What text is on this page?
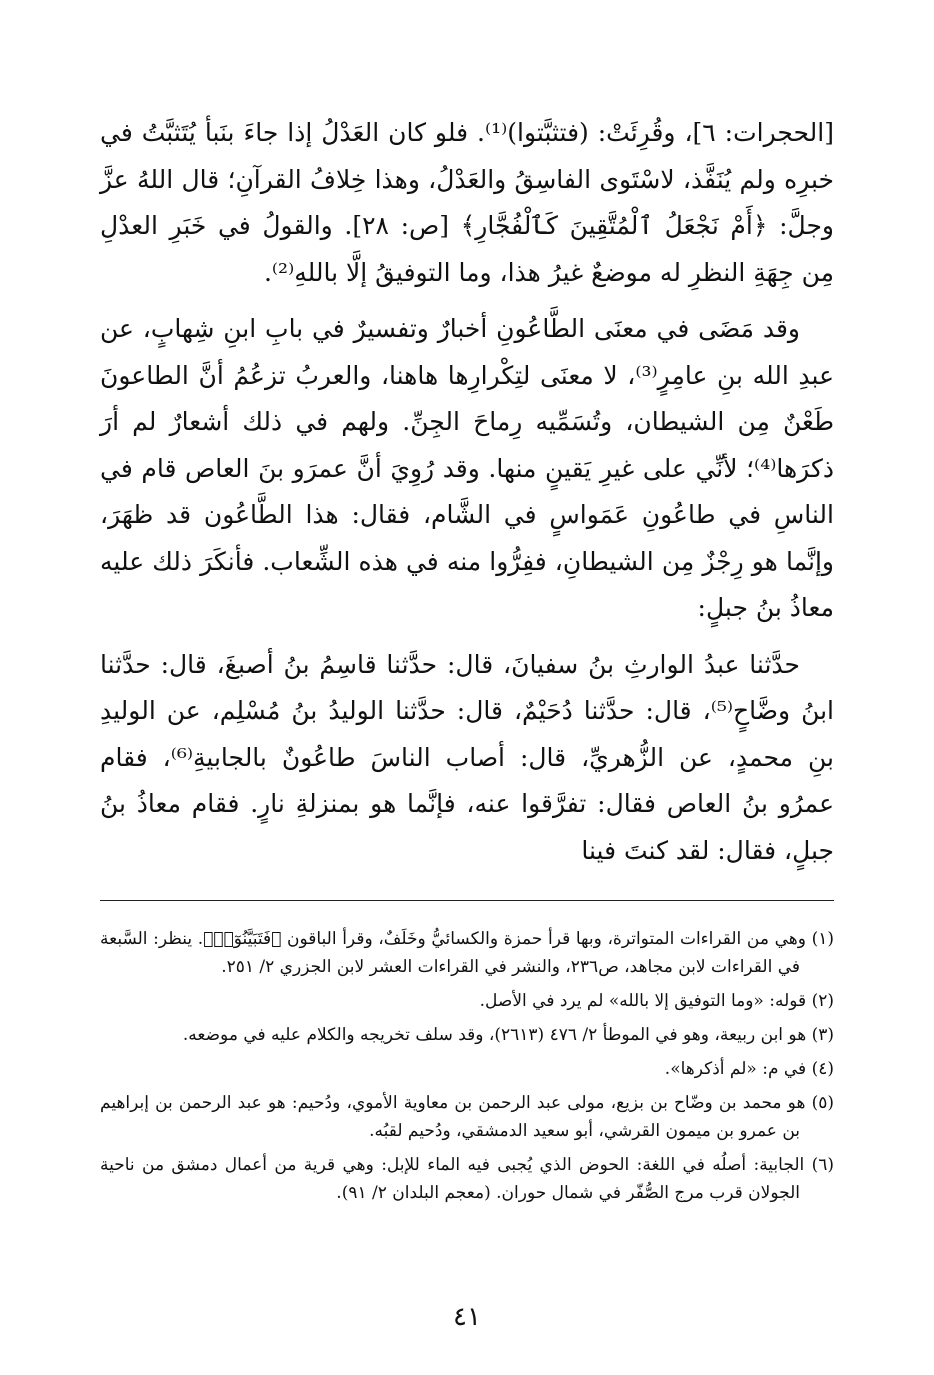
[الحجرات: ٦]، وقُرِئَتْ: (فتثبَّتوا)⁽¹⁾. فلو كان العَدْلُ إذا جاءَ بنَبأ يُتَثبَّتُ في خبرِه ولم يُنَفَّذ، لاسْتَوى الفاسِقُ والعَدْلُ، وهذا خِلافُ القرآنِ؛ قال اللهُ عزَّ وجلَّ: ﴿أَمْ نَجْعَلُ ٱلْمُتَّقِينَ كَٱلْفُجَّارِ﴾ [ص: ٢٨]. والقولُ في خَبَرِ العدْلِ مِن جِهَةِ النظرِ له موضعٌ غيرُ هذا، وما التوفيقُ إلَّا باللهِ⁽²⁾.

وقد مَضَى في معنَى الطَّاعُونِ أخبارٌ وتفسيرٌ في بابِ ابنِ شِهابٍ، عن عبدِ الله بنِ عامِرٍ⁽³⁾، لا معنَى لتِكْرارِها هاهنا، والعربُ تزعُمُ أنَّ الطاعونَ طَعْنٌ مِن الشيطان، وتُسَمِّيه رِماحَ الجِنِّ. ولهم في ذلك أشعارٌ لم أرَ ذكرَها⁽⁴⁾؛ لأنِّي على غيرِ يَقينٍ منها. وقد رُوِيَ أنَّ عمرَو بنَ العاص قام في الناسِ في طاعُونِ عَمَواسٍ في الشَّام، فقال: هذا الطَّاعُون قد ظهَرَ، وإنَّما هو رِجْزٌ مِن الشيطانِ، ففِرُّوا منه في هذه الشِّعاب. فأنكَرَ ذلك عليه معاذُ بنُ جبلٍ:

حدَّثنا عبدُ الوارثِ بنُ سفيانَ، قال: حدَّثنا قاسِمُ بنُ أصبغَ، قال: حدَّثنا ابنُ وضَّاحٍ⁽⁵⁾، قال: حدَّثنا دُحَيْمٌ، قال: حدَّثنا الوليدُ بنُ مُسْلِم، عن الوليدِ بنِ محمدٍ، عن الزُّهريِّ، قال: أصاب الناسَ طاعُونٌ بالجابيةِ⁽⁶⁾، فقام عمرُو بنُ العاص فقال: تفرَّقوا عنه، فإنَّما هو بمنزلةِ نارٍ. فقام معاذُ بنُ جبلٍ، فقال: لقد كنتَ فينا

(١) وهي من القراءات المتواترة، وبها قرأ حمزة والكسائيُّ وخَلَفٌ، وقرأ الباقون ﴿فَتَبَيَّنُوٓا۟﴾. ينظر: السَّبعة في القراءات لابن مجاهد، ص٢٣٦، والنشر في القراءات العشر لابن الجزري ٢/ ٢٥١.

(٢) قوله: «وما التوفيق إلا بالله» لم يرد في الأصل.

(٣) هو ابن ربيعة، وهو في الموطأ ٢/ ٤٧٦ (٢٦١٣)، وقد سلف تخريجه والكلام عليه في موضعه.

(٤) في م: «لم أذكرها».

(٥) هو محمد بن وضّاح بن بزيع، مولى عبد الرحمن بن معاوية الأموي، ودُحيم: هو عبد الرحمن بن إبراهيم بن عمرو بن ميمون القرشي، أبو سعيد الدمشقي، ودُحيم لقبُه.

(٦) الجابية: أصلُه في اللغة: الحوض الذي يُجبى فيه الماء للإبل: وهي قرية من أعمال دمشق من ناحية الجولان قرب مرج الصُّفّر في شمال حوران. (معجم البلدان ٢/ ٩١).

٤١
